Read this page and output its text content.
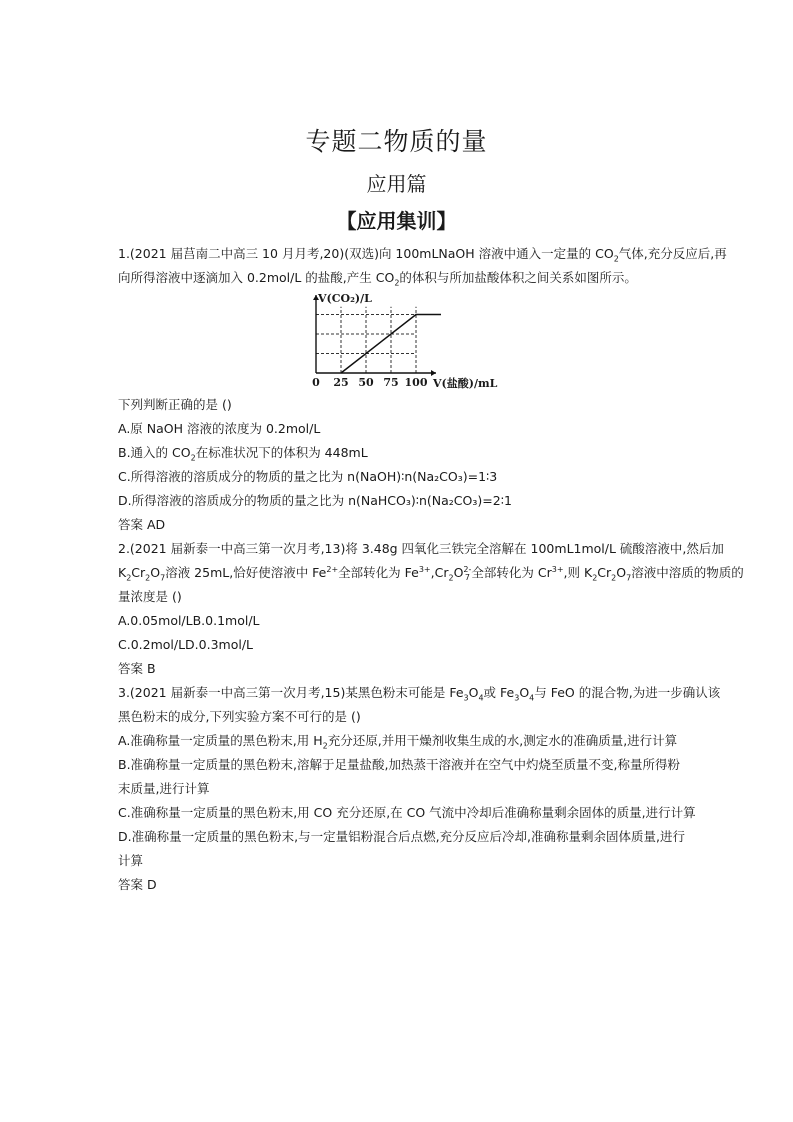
专题二物质的量
应用篇
【应用集训】
1.(2021 届莒南二中高三 10 月月考,20)(双选)向 100mLNaOH 溶液中通入一定量的 $CO_2$气体,充分反应后,再
向所得溶液中逐滴加入 0.2mol/L 的盐酸,产生 $CO_2$的体积与所加盐酸体积之间关系如图所示。
0 25 50 75 100
V(CO₂)/L
V(盐酸)/mL
下列判断正确的是 ()
A.原 NaOH 溶液的浓度为 0.2mol/L
B.通入的 $CO_2$在标准状况下的体积为 448mL
C.所得溶液的溶质成分的物质的量之比为 n(NaOH)∶n(Na₂CO₃)=1∶3
D.所得溶液的溶质成分的物质的量之比为 n(NaHCO₃)∶n(Na₂CO₃)=2∶1
答案 AD
2.(2021 届新泰一中高三第一次月考,13)将 3.48g 四氧化三铁完全溶解在 100mL1mol/L 硫酸溶液中,然后加
$K_2Cr_2O_7$溶液 25mL,恰好使溶液中 $Fe^{2+}$全部转化为 $Fe^{3+},Cr_2O2-$
7全部转化为 $Cr^{3+}$,则 $K_2Cr_2O_7$溶液中溶质的物质的
量浓度是 ()
A.0.05mol/LB.0.1mol/L
C.0.2mol/LD.0.3mol/L
答案 B
3.(2021 届新泰一中高三第一次月考,15)某黑色粉末可能是 $Fe_3O_4$或 $Fe_3O_4$与 FeO 的混合物,为进一步确认该
黑色粉末的成分,下列实验方案不可行的是 ()
A.准确称量一定质量的黑色粉末,用 $H_2$充分还原,并用干燥剂收集生成的水,测定水的准确质量,进行计算
B.准确称量一定质量的黑色粉末,溶解于足量盐酸,加热蒸干溶液并在空气中灼烧至质量不变,称量所得粉
末质量,进行计算
C.准确称量一定质量的黑色粉末,用 CO 充分还原,在 CO 气流中冷却后准确称量剩余固体的质量,进行计算
D.准确称量一定质量的黑色粉末,与一定量铝粉混合后点燃,充分反应后冷却,准确称量剩余固体质量,进行
计算
答案 D
